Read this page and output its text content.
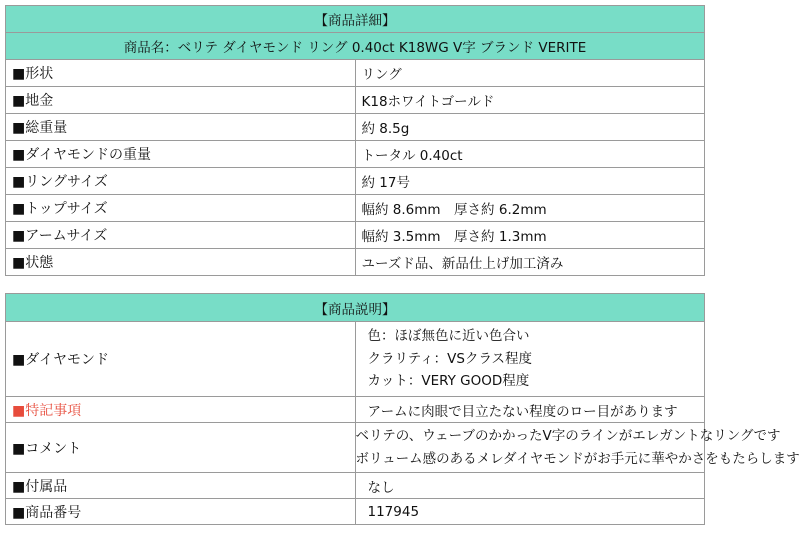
【商品詳細】	
商品名：ベリテ ダイヤモンド リング 0.40ct K18WG V字 ブランド VERITE	
■形状	リング
■地金	K18ホワイトゴールド
■総重量	約 8.5g
■ダイヤモンドの重量	トータル 0.40ct
■リングサイズ	約 17号
■トップサイズ	幅約 8.6mm　厚さ約 6.2mm
■アームサイズ	幅約 3.5mm　厚さ約 1.3mm
■状態	ユーズド品、新品仕上げ加工済み
【商品説明】	
■ダイヤモンド	色：ほぼ無色に近い色合い
クラリティ：VSクラス程度
カット：VERY GOOD程度

■特記事項	アームに肉眼で目立たない程度のロー目があります
■コメント	ベリテの、ウェーブのかかったV字のラインがエレガントなリングです
ボリューム感のあるメレダイヤモンドがお手元に華やかさをもたらします

■付属品	なし
■商品番号	117945
